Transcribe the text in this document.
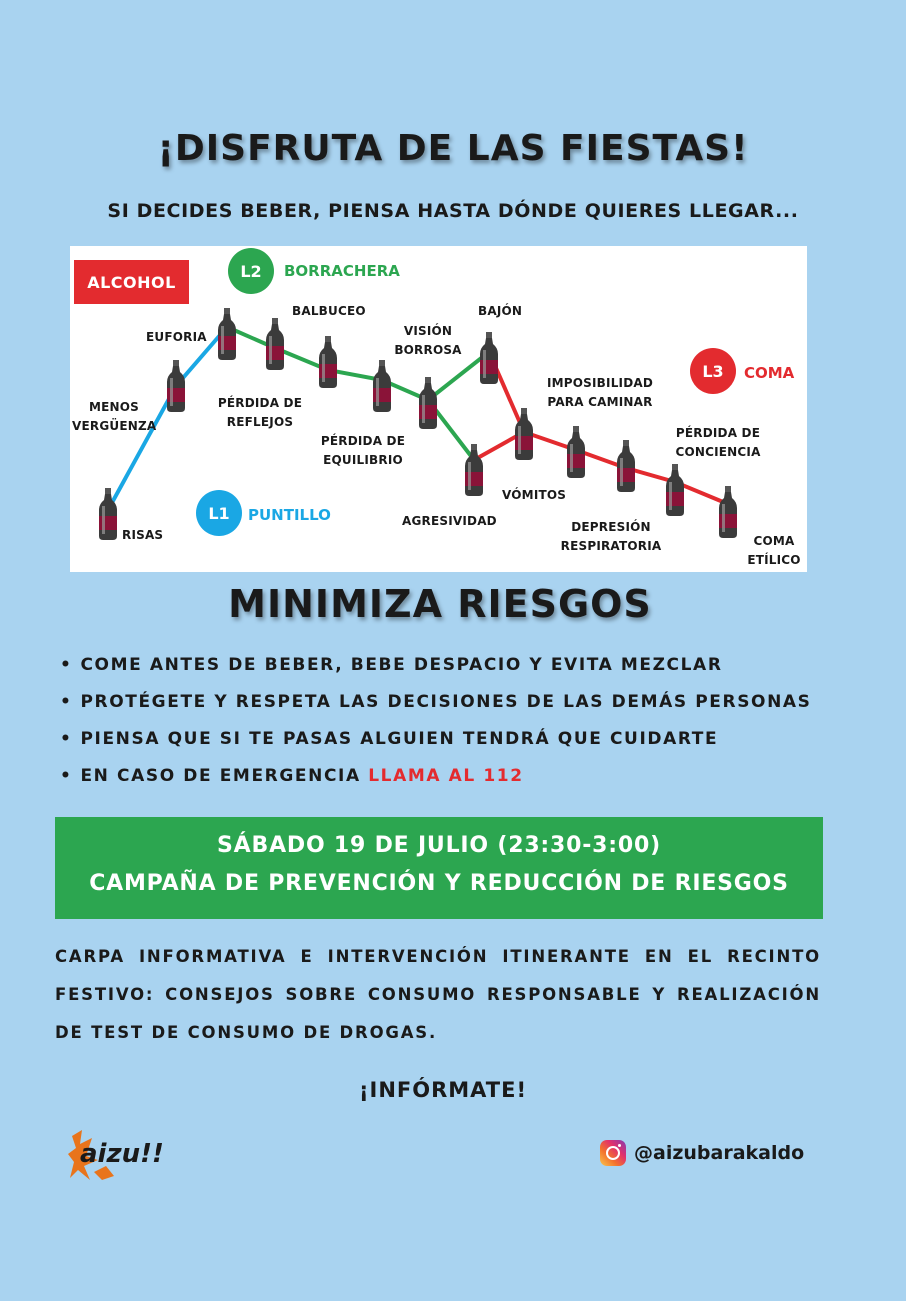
¡DISFRUTA DE LAS FIESTAS!
SI DECIDES BEBER, PIENSA HASTA DÓNDE QUIERES LLEGAR...
ALCOHOL
L2	BORRACHERA
L3	COMA
L1	PUNTILLO
RISAS
MENOS
VERGÜENZA
EUFORIA
PÉRDIDA DE
REFLEJOS
BALBUCEO
PÉRDIDA DE
EQUILIBRIO
VISIÓN
BORROSA
AGRESIVIDAD
BAJÓN
VÓMITOS
IMPOSIBILIDAD
PARA CAMINAR
DEPRESIÓN
RESPIRATORIA
PÉRDIDA DE
CONCIENCIA
COMA
ETÍLICO
MINIMIZA RIESGOS
• COME ANTES DE BEBER, BEBE DESPACIO Y EVITA MEZCLAR
• PROTÉGETE Y RESPETA LAS DECISIONES DE LAS DEMÁS PERSONAS
• PIENSA QUE SI TE PASAS ALGUIEN TENDRÁ QUE CUIDARTE
• EN CASO DE EMERGENCIA LLAMA AL 112
SÁBADO 19 DE JULIO (23:30-3:00)
CAMPAÑA DE PREVENCIÓN Y REDUCCIÓN DE RIESGOS
CARPA INFORMATIVA E INTERVENCIÓN ITINERANTE EN EL RECINTO FESTIVO: CONSEJOS SOBRE CONSUMO RESPONSABLE Y REALIZACIÓN DE TEST DE CONSUMO DE DROGAS.
¡INFÓRMATE!
aizu!!	@aizubarakaldo
